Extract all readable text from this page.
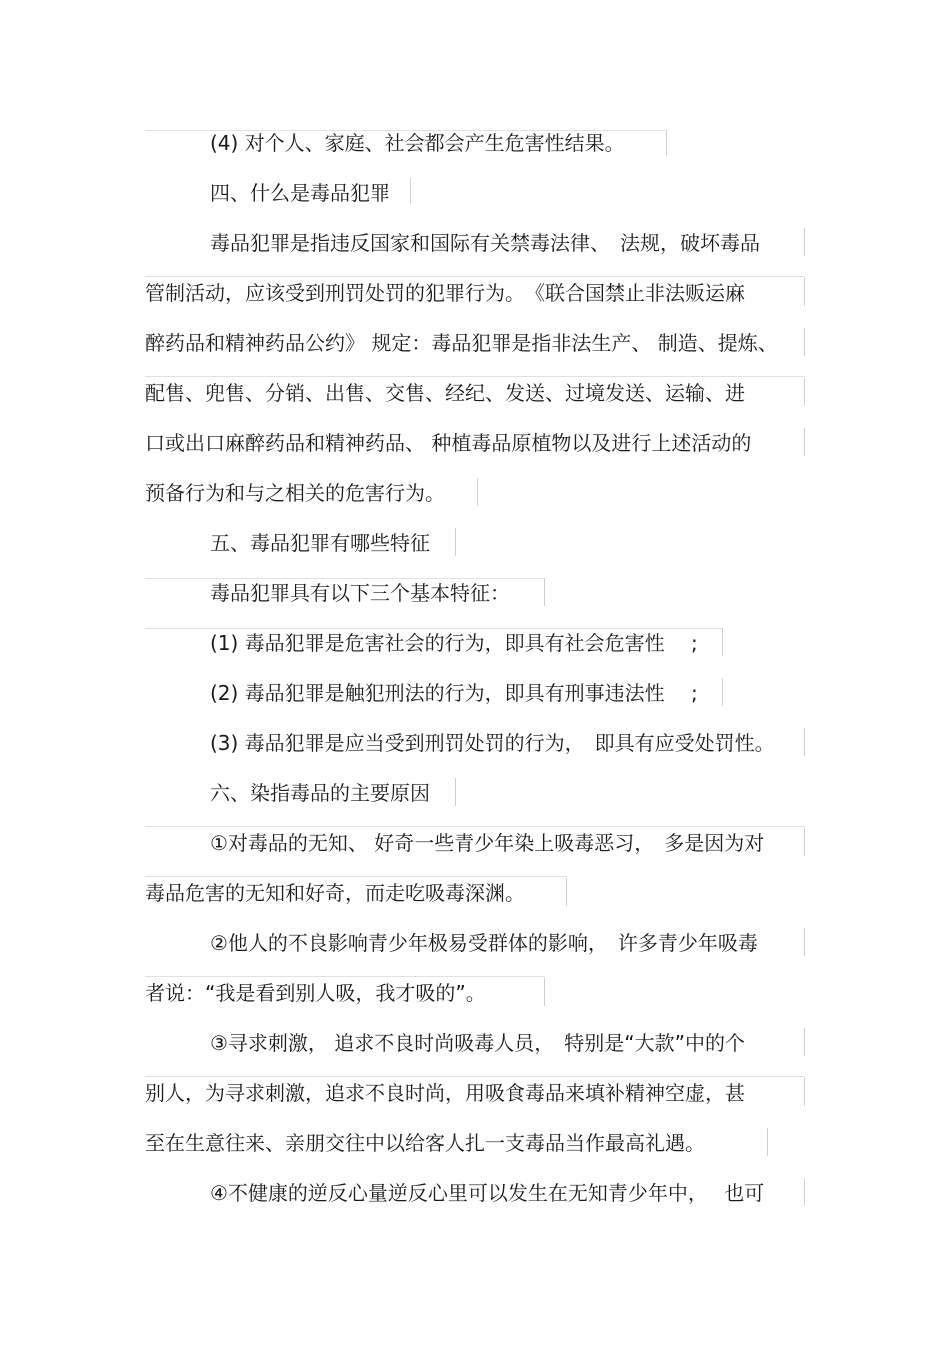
(4) 对个人、家庭、社会都会产生危害性结果。
四、什么是毒品犯罪
毒品犯罪是指违反国家和国际有关禁毒法律、　法规，破坏毒品
管制活动，应该受到刑罚处罚的犯罪行为。　《联合国禁止非法贩运麻
醉药品和精神药品公约》 规定：毒品犯罪是指非法生产、 制造、提炼、
配售、兜售、分销、出售、交售、经纪、发送、过境发送、运输、进
口或出口麻醉药品和精神药品、 种植毒品原植物以及进行上述活动的
预备行为和与之相关的危害行为。
五、毒品犯罪有哪些特征
毒品犯罪具有以下三个基本特征：
(1) 毒品犯罪是危害社会的行为，即具有社会危害性　 ;
(2) 毒品犯罪是触犯刑法的行为，即具有刑事违法性　 ;
(3) 毒品犯罪是应当受到刑罚处罚的行为，　即具有应受处罚性。
六、染指毒品的主要原因
①对毒品的无知、 好奇一些青少年染上吸毒恶习，　多是因为对
毒品危害的无知和好奇，而走吃吸毒深渊。
②他人的不良影响青少年极易受群体的影响，　许多青少年吸毒
者说：“我是看到别人吸，我才吸的”。
③寻求刺激， 追求不良时尚吸毒人员，　特别是“大款”中的个
别人，为寻求刺激，追求不良时尚，用吸食毒品来填补精神空虚，甚
至在生意往来、亲朋交往中以给客人扎一支毒品当作最高礼遇。
④不健康的逆反心量逆反心里可以发生在无知青少年中，　 也可
